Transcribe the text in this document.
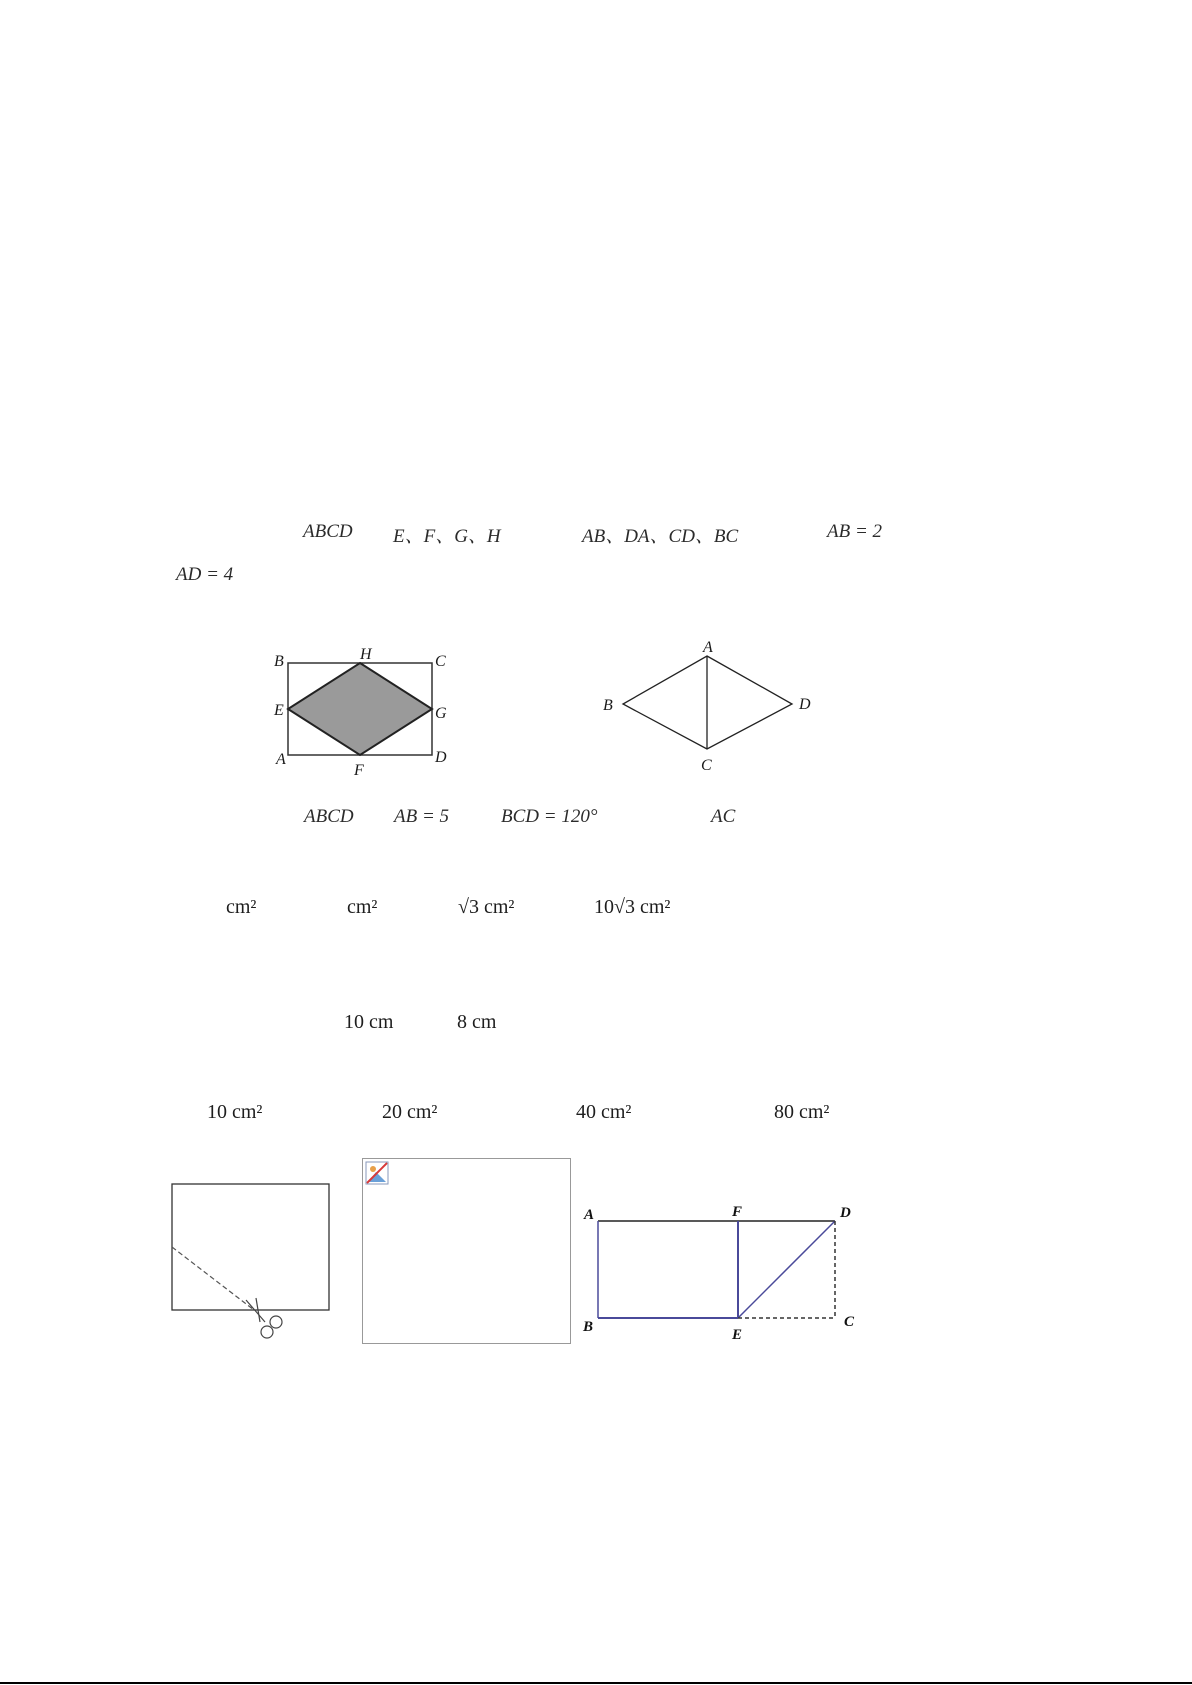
ABCD E、F、G、H	AB、DA、CD、BC	AB = 2
AD = 4
B	H	C
E	G
A
F
D
A
B
C
D
ABCD AB = 5	BCD = 120°	AC
cm²	cm²	√3 cm²	10√3 cm²
10 cm	8 cm
10 cm²	20 cm²	40 cm²	80 cm²
A	F	D
B	E
C
